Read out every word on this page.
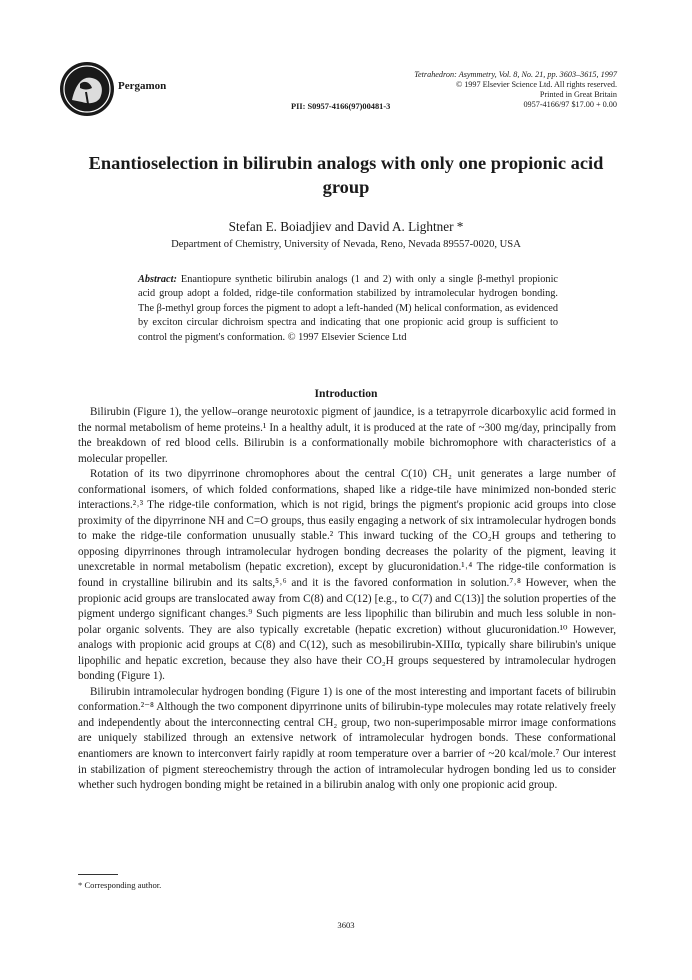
Pergamon
Tetrahedron: Asymmetry, Vol. 8, No. 21, pp. 3603–3615, 1997
© 1997 Elsevier Science Ltd. All rights reserved.
Printed in Great Britain
0957-4166/97 $17.00 + 0.00
PII: S0957-4166(97)00481-3
Enantioselection in bilirubin analogs with only one propionic acid group
Stefan E. Boiadjiev and David A. Lightner *
Department of Chemistry, University of Nevada, Reno, Nevada 89557-0020, USA
Abstract: Enantiopure synthetic bilirubin analogs (1 and 2) with only a single β-methyl propionic acid group adopt a folded, ridge-tile conformation stabilized by intramolecular hydrogen bonding. The β-methyl group forces the pigment to adopt a left-handed (M) helical conformation, as evidenced by exciton circular dichroism spectra and indicating that one propionic acid group is sufficient to control the pigment's conformation. © 1997 Elsevier Science Ltd
Introduction

Bilirubin (Figure 1), the yellow–orange neurotoxic pigment of jaundice, is a tetrapyrrole dicarboxylic acid formed in the normal metabolism of heme proteins.¹ In a healthy adult, it is produced at the rate of ~300 mg/day, principally from the breakdown of red blood cells. Bilirubin is a conformationally mobile bichromophore with characteristics of a molecular propeller.

Rotation of its two dipyrrinone chromophores about the central C(10) CH₂ unit generates a large number of conformational isomers, of which folded conformations, shaped like a ridge-tile have minimized non-bonded steric interactions.²˒³ The ridge-tile conformation, which is not rigid, brings the pigment's propionic acid groups into close proximity of the dipyrrinone NH and C=O groups, thus easily engaging a network of six intramolecular hydrogen bonds to make the ridge-tile conformation unusually stable.² This inward tucking of the CO₂H groups and tethering to opposing dipyrrinones through intramolecular hydrogen bonding decreases the polarity of the pigment, leaving it unexcretable in normal metabolism (hepatic excretion), except by glucuronidation.¹˒⁴ The ridge-tile conformation is found in crystalline bilirubin and its salts,⁵˒⁶ and it is the favored conformation in solution.⁷˒⁸ However, when the propionic acid groups are translocated away from C(8) and C(12) [e.g., to C(7) and C(13)] the solution properties of the pigment undergo significant changes.⁹ Such pigments are less lipophilic than bilirubin and much less soluble in non-polar organic solvents. They are also typically excretable (hepatic excretion) without glucuronidation.¹⁰ However, analogs with propionic acid groups at C(8) and C(12), such as mesobilirubin-XIIIα, typically share bilirubin's unique lipophilic and hepatic excretion, because they also have their CO₂H groups sequestered by intramolecular hydrogen bonding (Figure 1).

Bilirubin intramolecular hydrogen bonding (Figure 1) is one of the most interesting and important facets of bilirubin conformation.²⁻⁸ Although the two component dipyrrinone units of bilirubin-type molecules may rotate relatively freely and independently about the interconnecting central CH₂ group, two non-superimposable mirror image conformations are uniquely stabilized through an extensive network of intramolecular hydrogen bonds. These conformational enantiomers are known to interconvert fairly rapidly at room temperature over a barrier of ~20 kcal/mole.⁷ Our interest in stabilization of pigment stereochemistry through the action of intramolecular hydrogen bonding led us to consider whether such hydrogen bonding might be retained in a bilirubin analog with only one propionic acid group.

* Corresponding author.
3603
